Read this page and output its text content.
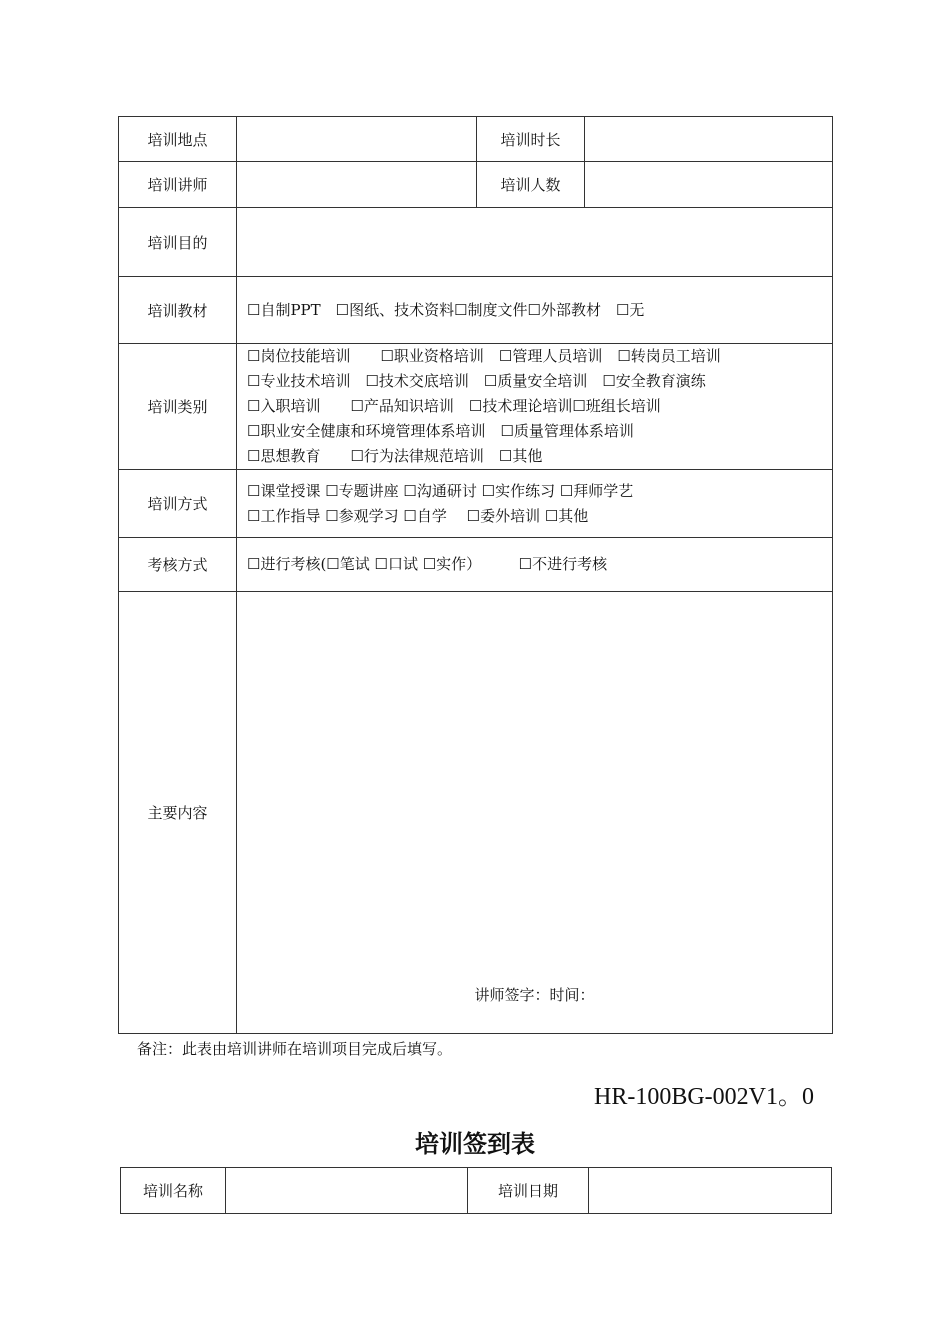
培训地点		培训时长	
培训讲师		培训人数	
培训目的			
培训教材	☐自制PPT　☐图纸、技术资料☐制度文件☐外部教材　☐无		

培训类别	☐岗位技能培训　　☐职业资格培训　☐管理人员培训　☐转岗员工培训
☐专业技术培训　☐技术交底培训　☐质量安全培训　☐安全教育演练
☐入职培训　　☐产品知识培训　☐技术理论培训☐班组长培训
☐职业安全健康和环境管理体系培训　☐质量管理体系培训
☐思想教育　　☐行为法律规范培训　☐其他		

培训方式	☐课堂授课 ☐专题讲座 ☐沟通研讨 ☐实作练习 ☐拜师学艺
☐工作指导 ☐参观学习 ☐自学　 ☐委外培训 ☐其他		

考核方式	☐进行考核(☐笔试 ☐口试 ☐实作）　　　☐不进行考核		

主要内容	讲师签字：时间：		
备注：此表由培训讲师在培训项目完成后填写。
HR-100BG-002V1。0
培训签到表
培训名称		培训日期	
